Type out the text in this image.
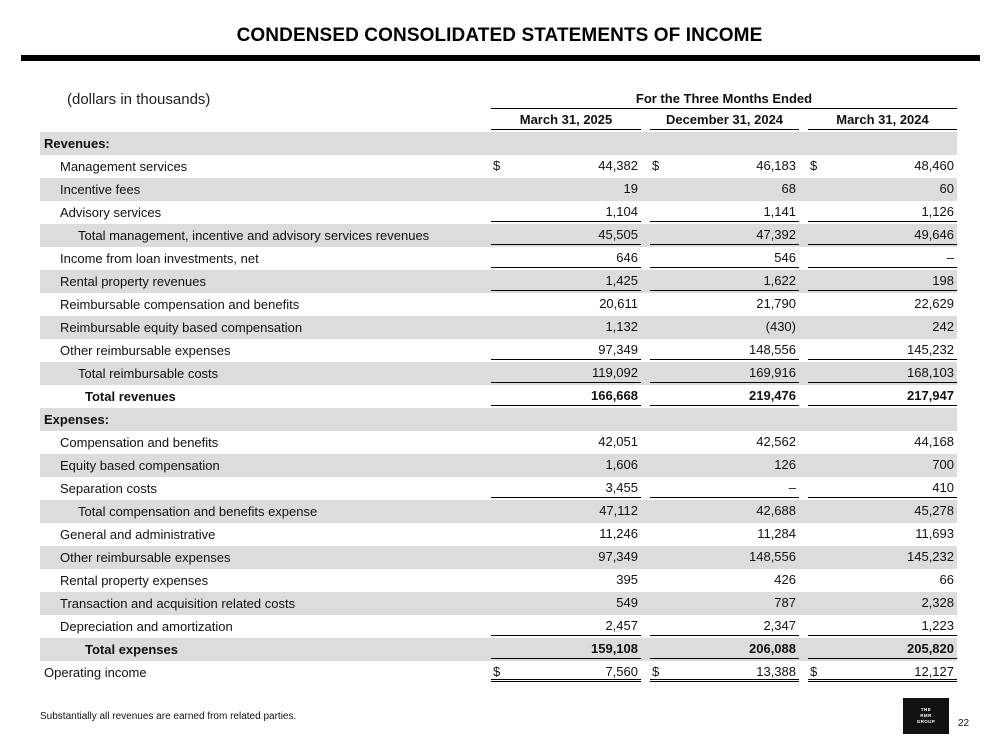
CONDENSED CONSOLIDATED STATEMENTS OF INCOME
(dollars in thousands)	For the Three Months Ended
March 31, 2025	December 31, 2024	March 31, 2024
Revenues:
Management services	$	44,382 $	46,183 $	48,460
Incentive fees	19	68	60
Advisory services	1,104	1,141	1,126
Total management, incentive and advisory services revenues	45,505	47,392	49,646
Income from loan investments, net	646	546	–
Rental property revenues	1,425	1,622	198
Reimbursable compensation and benefits	20,611	21,790	22,629
Reimbursable equity based compensation	1,132	(430)	242
Other reimbursable expenses	97,349	148,556	145,232
Total reimbursable costs	119,092	169,916	168,103
Total revenues	166,668	219,476	217,947
Expenses:
Compensation and benefits	42,051	42,562	44,168
Equity based compensation	1,606	126	700
Separation costs	3,455	–	410
Total compensation and benefits expense	47,112	42,688	45,278
General and administrative	11,246	11,284	11,693
Other reimbursable expenses	97,349	148,556	145,232
Rental property expenses	395	426	66
Transaction and acquisition related costs	549	787	2,328
Depreciation and amortization	2,457	2,347	1,223
Total expenses	159,108	206,088	205,820
Operating income	$	7,560 $	13,388 $	12,127
Substantially all revenues are earned from related parties.
THE
RMR
GROUP 22
